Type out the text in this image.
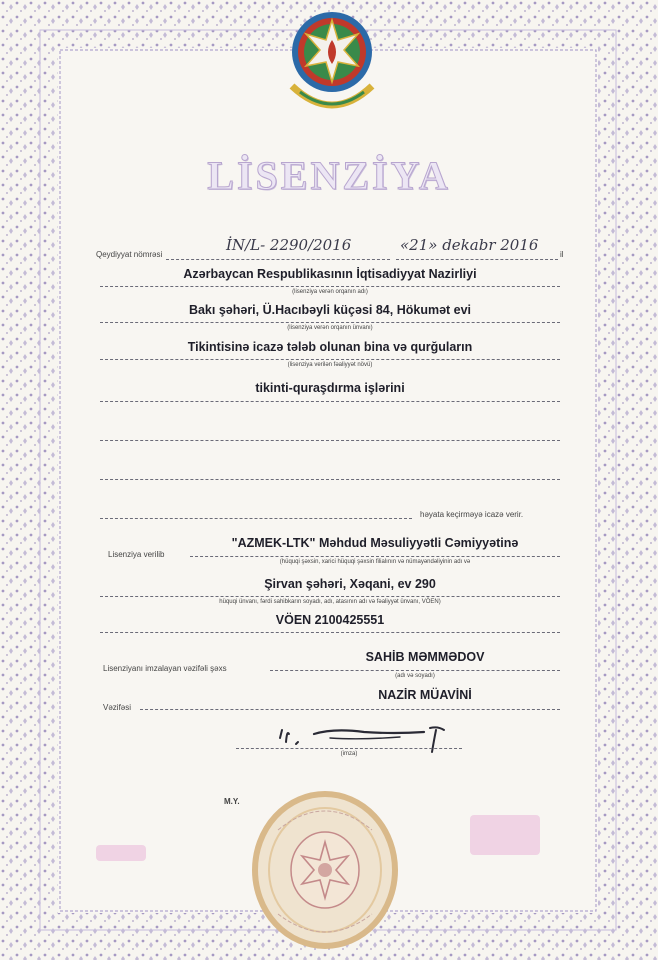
LİSENZİYA
Qeydiyyat nömrəsi
İN/L- 2290/2016	«21» dekabr 2016
il
Azərbaycan Respublikasının İqtisadiyyat Nazirliyi
(lisenziya verən orqanın adı)
Bakı şəhəri, Ü.Hacıbəyli küçəsi 84, Hökumət evi
(lisenziya verən orqanın ünvanı)
Tikintisinə icazə tələb olunan bina və qurğuların
(lisenziya verilən fəaliyyət növü)
tikinti-quraşdırma işlərini
həyata keçirməyə icazə verir.
Lisenziya verilib
"AZMEK-LTK" Məhdud Məsuliyyətli Cəmiyyətinə
(hüquqi şəxsin, xarici hüquqi şəxsin filialının və nümayəndəliyinin adı və
Şirvan şəhəri, Xəqani, ev 290
hüquqi ünvanı, fərdi sahibkarın soyadı, adı, atasının adı və fəaliyyət ünvanı, VÖEN)
VÖEN 2100425551
Lisenziyanı imzalayan vəzifəli şəxs
SAHİB MƏMMƏDOV
(adı və soyadı)
Vəzifəsi
NAZİR MÜAVİNİ
(imza)
M.Y.
